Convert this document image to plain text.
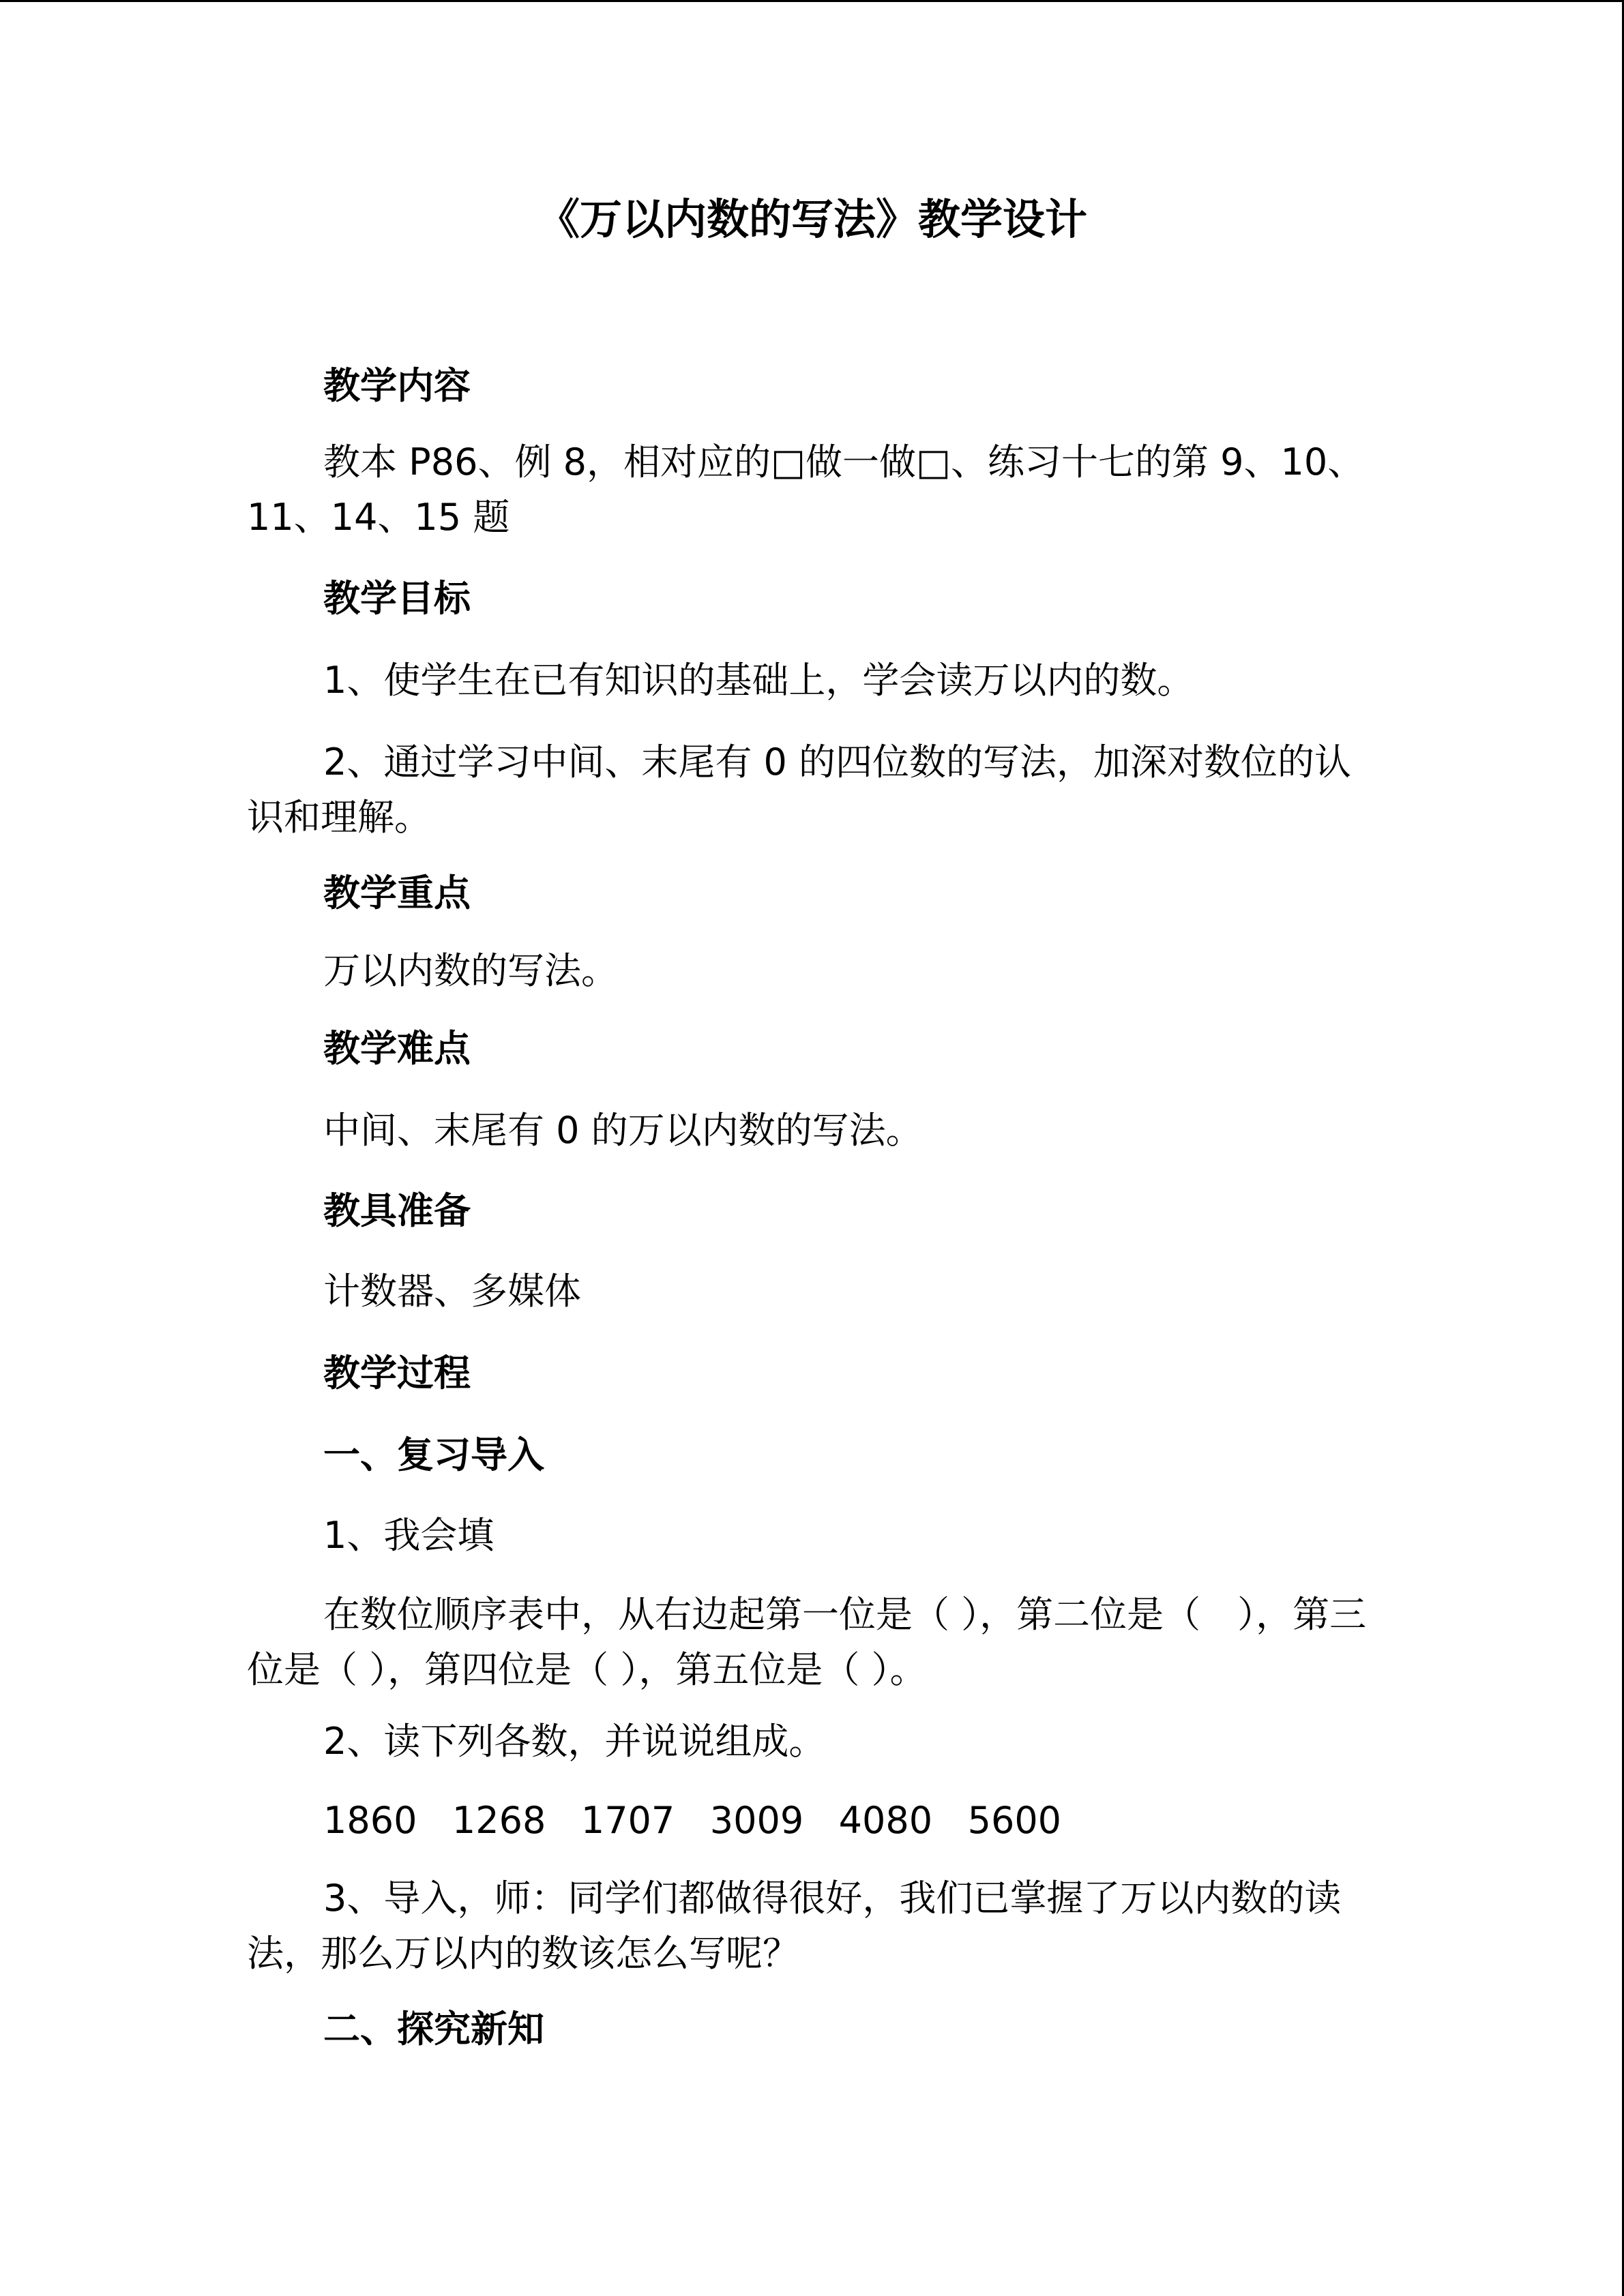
《万以内数的写法》教学设计

教学内容

教本 P86、例 8，相对应的□做一做□、练习十七的第 9、10、11、14、15 题

教学目标

1、使学生在已有知识的基础上，学会读万以内的数。

2、通过学习中间、末尾有 0 的四位数的写法，加深对数位的认识和理解。

教学重点

万以内数的写法。

教学难点

中间、末尾有 0 的万以内数的写法。

教具准备

计数器、多媒体

教学过程

一、复习导入

1、我会填

在数位顺序表中，从右边起第一位是（ ），第二位是（　），第三位是（ ），第四位是（ ），第五位是（ ）。

2、读下列各数，并说说组成。

1860   1268   1707   3009   4080   5600

3、导入，师：同学们都做得很好，我们已掌握了万以内数的读法，那么万以内的数该怎么写呢？

二、探究新知
